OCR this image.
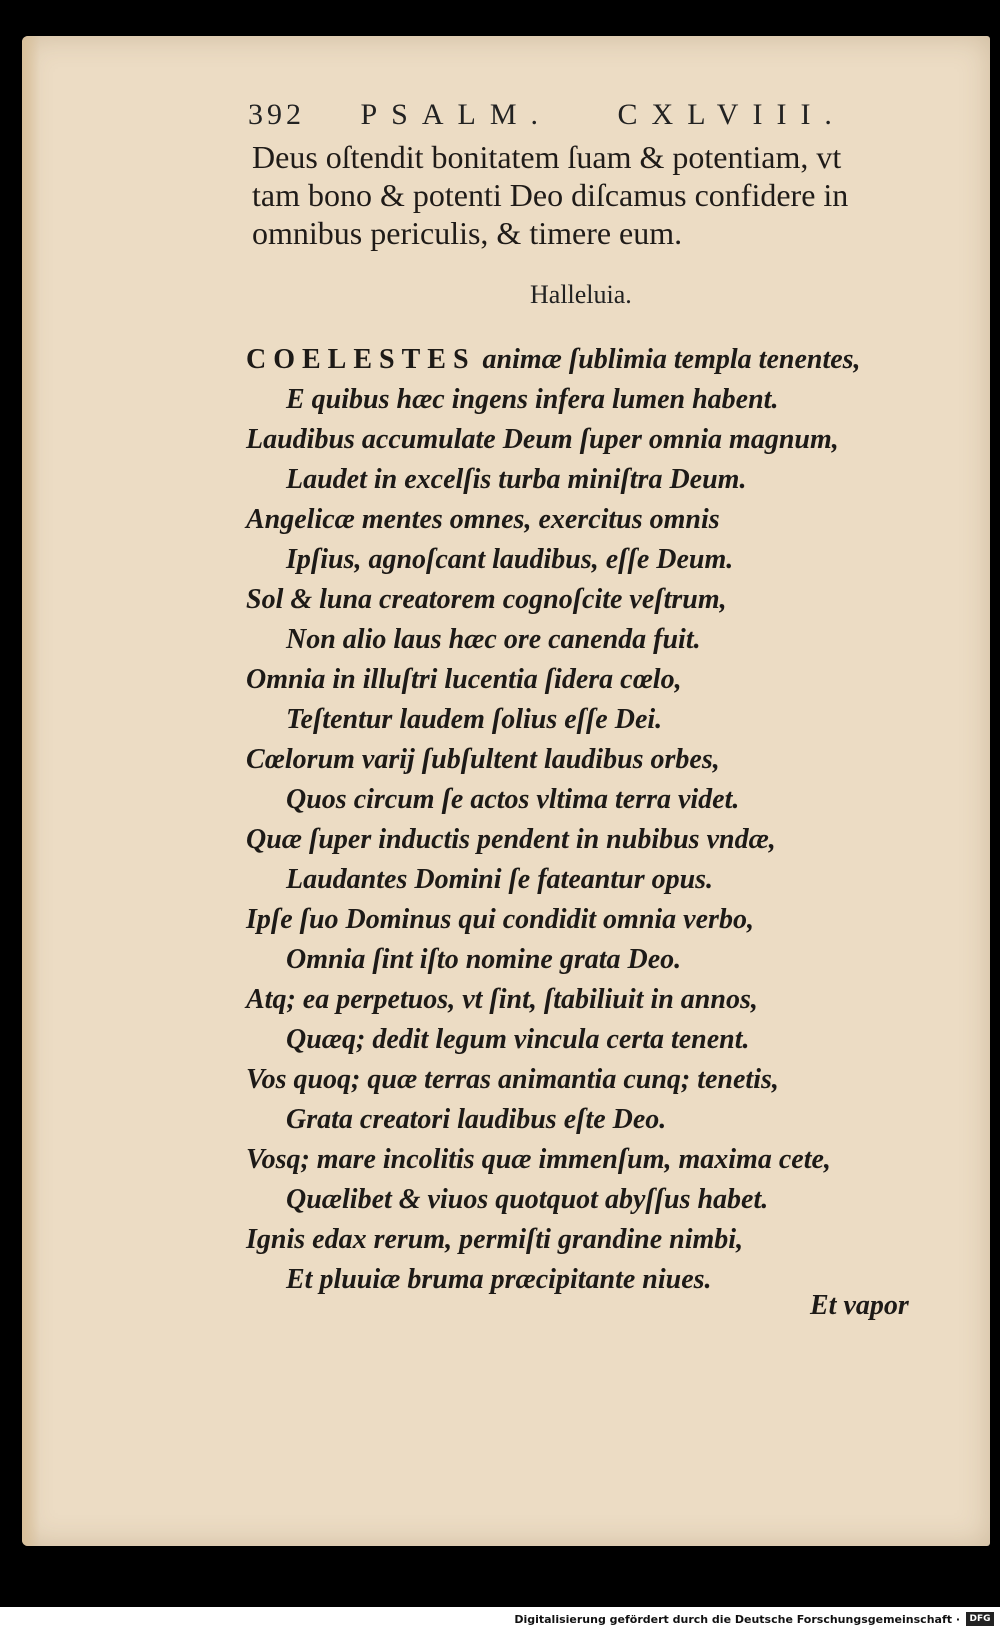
392 PSALM. CXLVIII.
Deus oſtendit bonitatem ſuam & potentiam, vt
tam bono & potenti Deo diſcamus confidere in
omnibus periculis, & timere eum.
Halleluia.
COELESTES animæ ſublimia templa tenentes,
E quibus hæc ingens infera lumen habent.
Laudibus accumulate Deum ſuper omnia magnum,
Laudet in excelſis turba miniſtra Deum.
Angelicæ mentes omnes, exercitus omnis
Ipſius, agnoſcant laudibus, eſſe Deum.
Sol & luna creatorem cognoſcite veſtrum,
Non alio laus hæc ore canenda fuit.
Omnia in illuſtri lucentia ſidera cœlo,
Teſtentur laudem ſolius eſſe Dei.
Cœlorum varij ſubſultent laudibus orbes,
Quos circum ſe actos vltima terra videt.
Quæ ſuper inductis pendent in nubibus vndæ,
Laudantes Domini ſe fateantur opus.
Ipſe ſuo Dominus qui condidit omnia verbo,
Omnia ſint iſto nomine grata Deo.
Atq; ea perpetuos, vt ſint, ſtabiliuit in annos,
Quæq; dedit legum vincula certa tenent.
Vos quoq; quæ terras animantia cunq; tenetis,
Grata creatori laudibus eſte Deo.
Vosq; mare incolitis quæ immenſum, maxima cete,
Quælibet & viuos quotquot abyſſus habet.
Ignis edax rerum, permiſti grandine nimbi,
Et pluuiæ bruma præcipitante niues.
Et vapor
Digitalisierung gefördert durch die Deutsche Forschungsgemeinschaft ·	DFG
